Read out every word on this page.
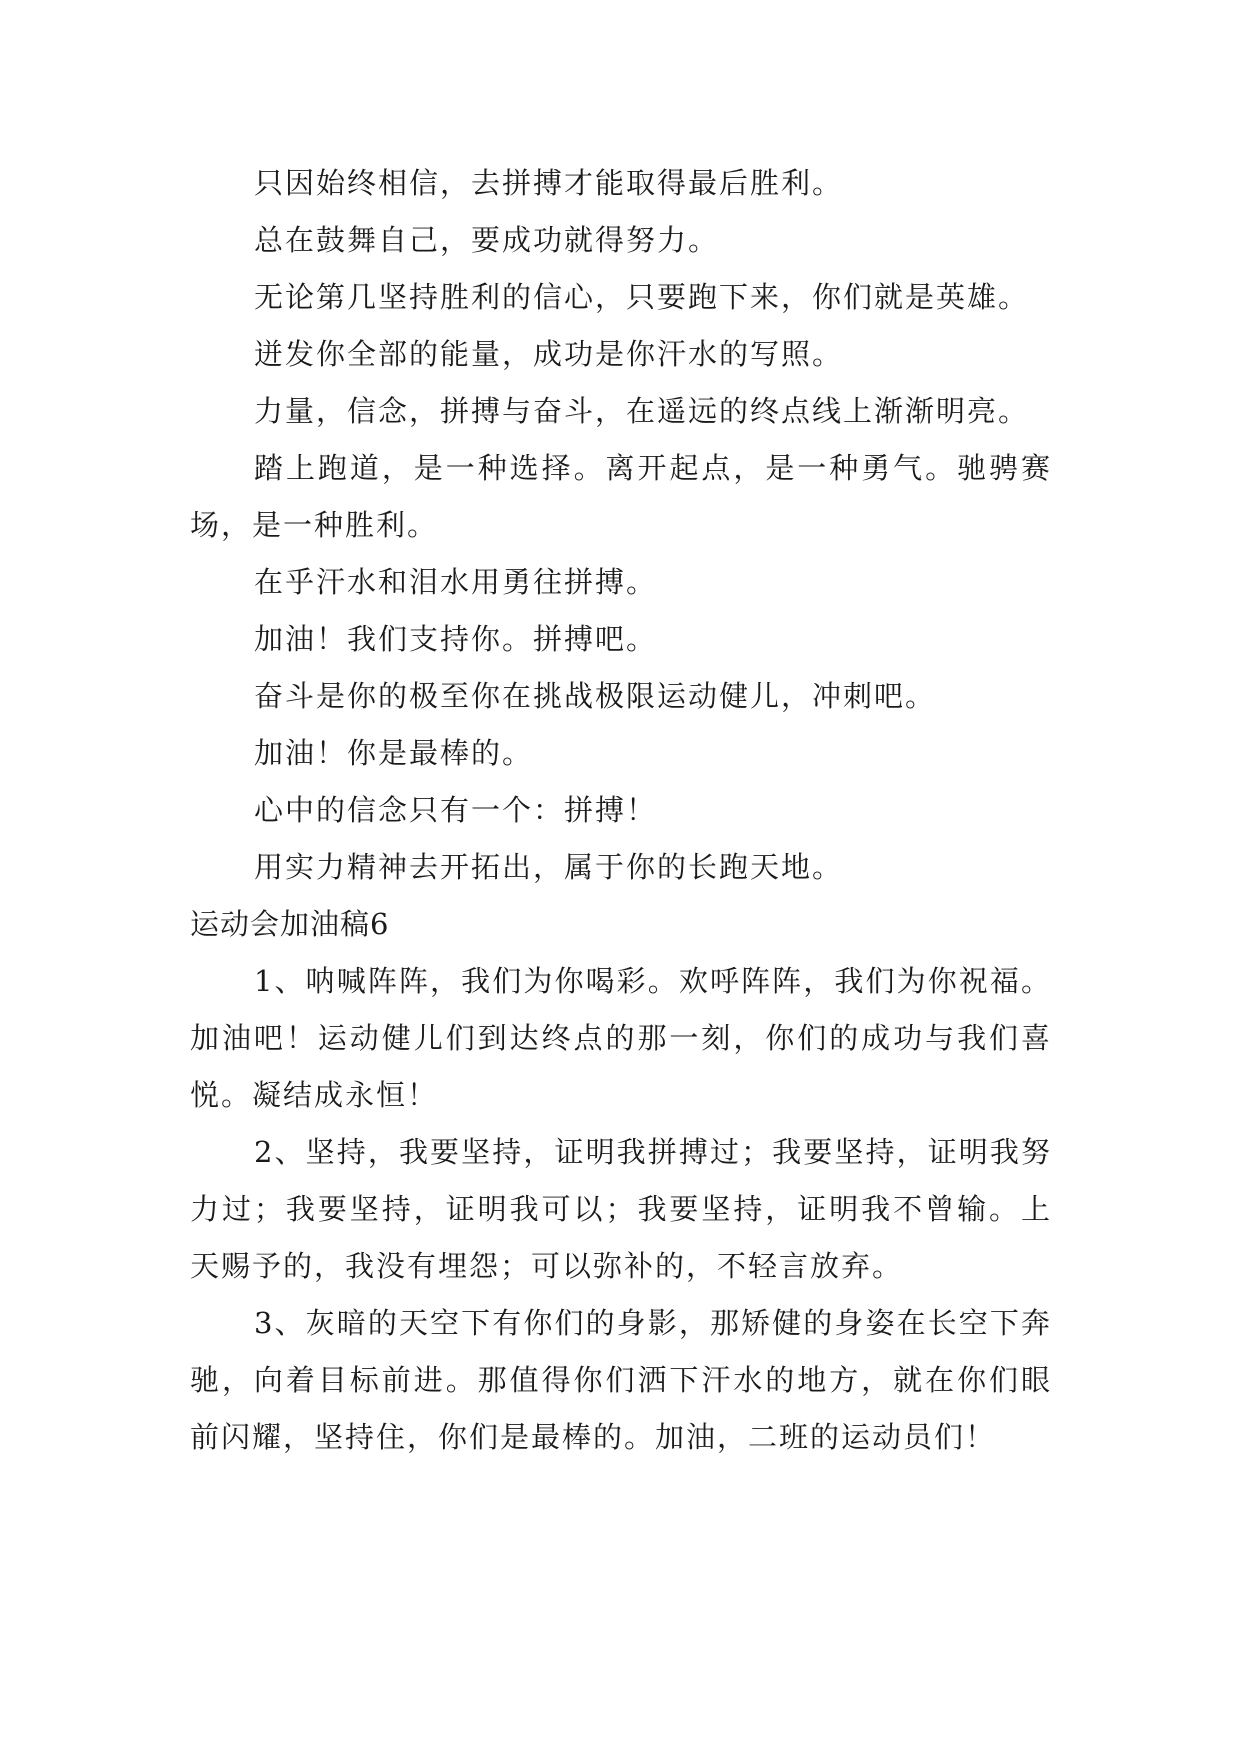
只因始终相信，去拼搏才能取得最后胜利。

总在鼓舞自己，要成功就得努力。

无论第几坚持胜利的信心，只要跑下来，你们就是英雄。

迸发你全部的能量，成功是你汗水的写照。

力量，信念，拼搏与奋斗，在遥远的终点线上渐渐明亮。

踏上跑道，是一种选择。离开起点，是一种勇气。驰骋赛场，是一种胜利。

在乎汗水和泪水用勇往拼搏。

加油！我们支持你。拼搏吧。

奋斗是你的极至你在挑战极限运动健儿，冲刺吧。

加油！你是最棒的。

心中的信念只有一个：拼搏！

用实力精神去开拓出，属于你的长跑天地。

运动会加油稿6

1、呐喊阵阵，我们为你喝彩。欢呼阵阵，我们为你祝福。加油吧！运动健儿们到达终点的那一刻，你们的成功与我们喜悦。凝结成永恒！

2、坚持，我要坚持，证明我拼搏过；我要坚持，证明我努力过；我要坚持，证明我可以；我要坚持，证明我不曾输。上天赐予的，我没有埋怨；可以弥补的，不轻言放弃。

3、灰暗的天空下有你们的身影，那矫健的身姿在长空下奔驰，向着目标前进。那值得你们洒下汗水的地方，就在你们眼前闪耀，坚持住，你们是最棒的。加油，二班的运动员们！
